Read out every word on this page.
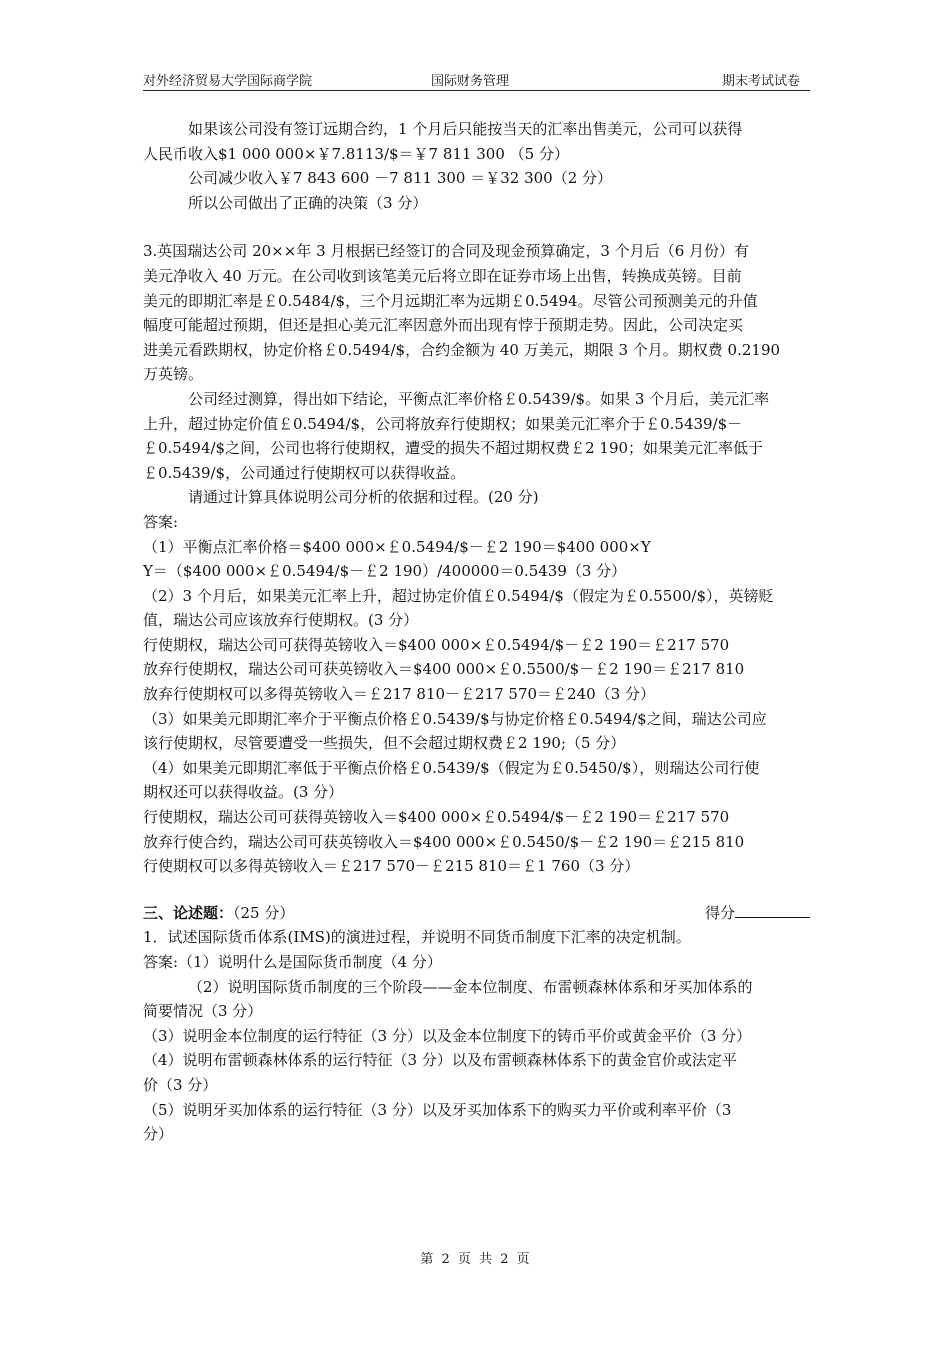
对外经济贸易大学国际商学院	国际财务管理	期末考试试卷

如果该公司没有签订远期合约，1 个月后只能按当天的汇率出售美元，公司可以获得

人民币收入$1 000 000×￥7.8113/$＝￥7 811 300 （5 分）

公司减少收入￥7 843 600 －7 811 300 ＝￥32 300（2 分）

所以公司做出了正确的决策（3 分）

3.英国瑞达公司 20××年 3 月根据已经签订的合同及现金预算确定，3 个月后（6 月份）有

美元净收入 40 万元。在公司收到该笔美元后将立即在证券市场上出售，转换成英镑。目前

美元的即期汇率是￡0.5484/$，三个月远期汇率为远期￡0.5494。尽管公司预测美元的升值

幅度可能超过预期，但还是担心美元汇率因意外而出现有悖于预期走势。因此，公司决定买

进美元看跌期权，协定价格￡0.5494/$，合约金额为 40 万美元，期限 3 个月。期权费 0.2190

万英镑。

公司经过测算，得出如下结论，平衡点汇率价格￡0.5439/$。如果 3 个月后，美元汇率

上升，超过协定价值￡0.5494/$，公司将放弃行使期权；如果美元汇率介于￡0.5439/$－

￡0.5494/$之间，公司也将行使期权，遭受的损失不超过期权费￡2 190；如果美元汇率低于

￡0.5439/$，公司通过行使期权可以获得收益。

请通过计算具体说明公司分析的依据和过程。(20 分)

答案:

（1）平衡点汇率价格＝$400 000×￡0.5494/$－￡2 190＝$400 000×Y

Y＝（$400 000×￡0.5494/$－￡2 190）/400000＝0.5439（3 分）

（2）3 个月后，如果美元汇率上升，超过协定价值￡0.5494/$（假定为￡0.5500/$），英镑贬

值，瑞达公司应该放弃行使期权。(3 分）

行使期权，瑞达公司可获得英镑收入＝$400 000×￡0.5494/$－￡2 190＝￡217 570

放弃行使期权，瑞达公司可获英镑收入＝$400 000×￡0.5500/$－￡2 190＝￡217 810

放弃行使期权可以多得英镑收入＝￡217 810－￡217 570＝￡240（3 分）

（3）如果美元即期汇率介于平衡点价格￡0.5439/$与协定价格￡0.5494/$之间，瑞达公司应

该行使期权，尽管要遭受一些损失，但不会超过期权费￡2 190;（5 分）

（4）如果美元即期汇率低于平衡点价格￡0.5439/$（假定为￡0.5450/$），则瑞达公司行使

期权还可以获得收益。(3 分）

行使期权，瑞达公司可获得英镑收入＝$400 000×￡0.5494/$－￡2 190＝￡217 570

放弃行使合约，瑞达公司可获英镑收入＝$400 000×￡0.5450/$－￡2 190＝￡215 810

行使期权可以多得英镑收入＝￡217 570－￡215 810＝￡1 760（3 分）

三、论述题：（25 分）	得分

1．试述国际货币体系(IMS)的演进过程，并说明不同货币制度下汇率的决定机制。

答案:（1）说明什么是国际货币制度（4 分）

（2）说明国际货币制度的三个阶段——金本位制度、布雷顿森林体系和牙买加体系的

简要情况（3 分）

（3）说明金本位制度的运行特征（3 分）以及金本位制度下的铸币平价或黄金平价（3 分）

（4）说明布雷顿森林体系的运行特征（3 分）以及布雷顿森林体系下的黄金官价或法定平

价（3 分）

（5）说明牙买加体系的运行特征（3 分）以及牙买加体系下的购买力平价或利率平价（3

分）

第 2 页 共 2 页
